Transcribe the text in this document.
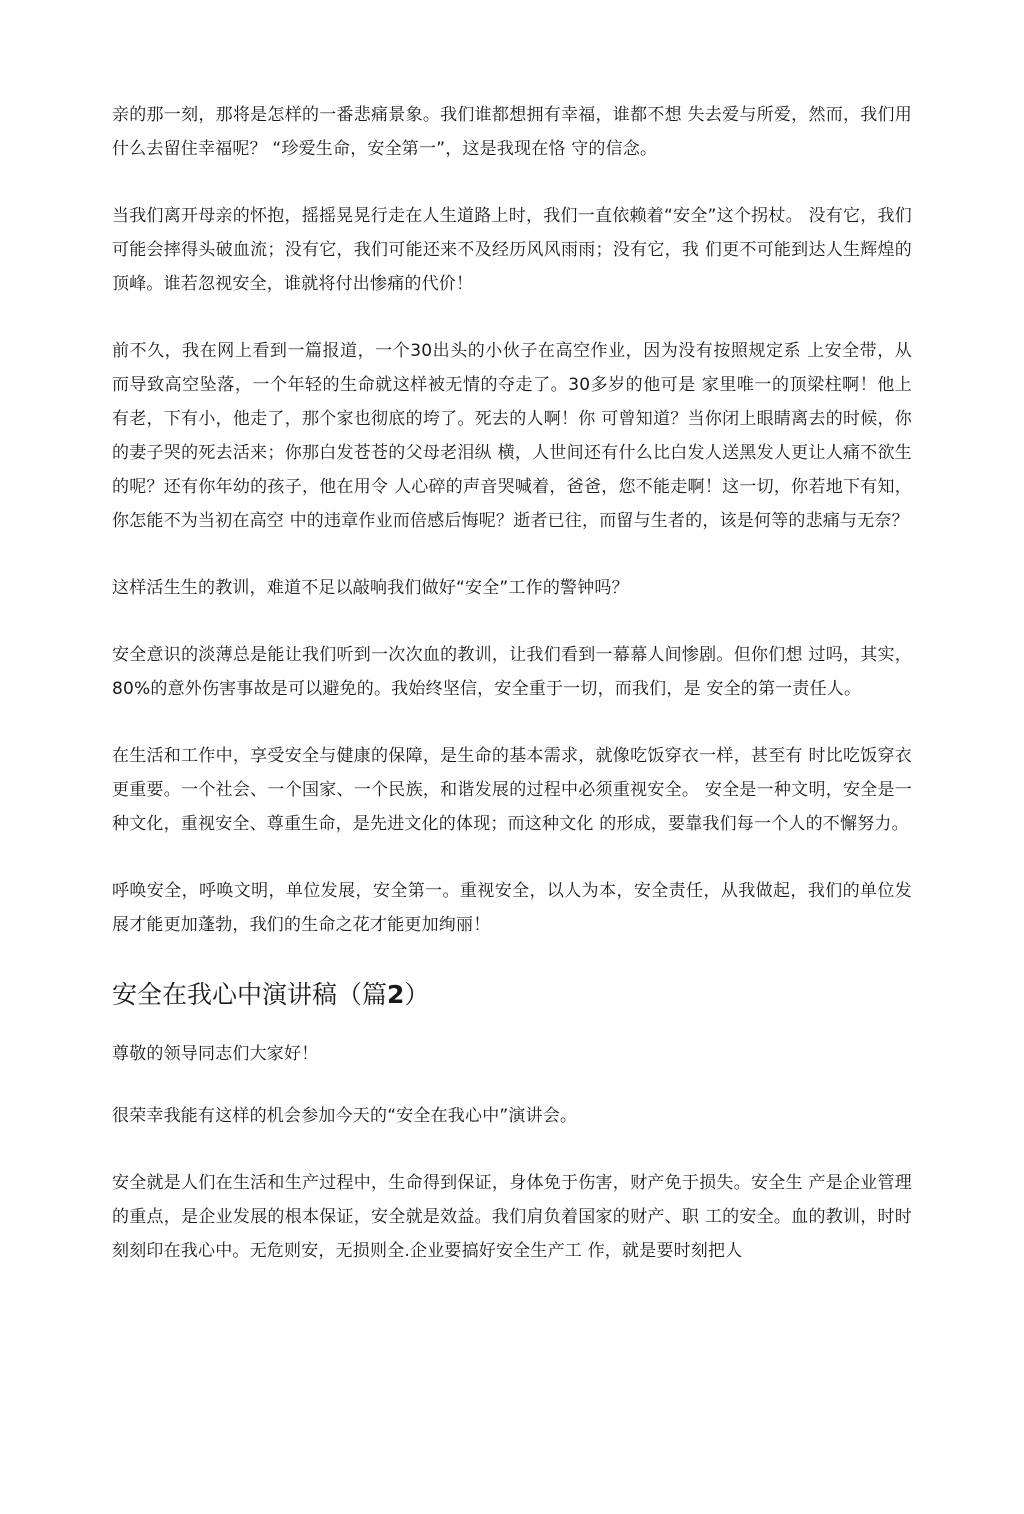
亲的那一刻，那将是怎样的一番悲痛景象。我们谁都想拥有幸福，谁都不想 失去爱与所爱，然而，我们用什么去留住幸福呢？ “珍爱生命，安全第一”，这是我现在恪 守的信念。

当我们离开母亲的怀抱，摇摇晃晃行走在人生道路上时，我们一直依赖着“安全”这个拐杖。 没有它，我们可能会摔得头破血流；没有它，我们可能还来不及经历风风雨雨；没有它，我 们更不可能到达人生辉煌的顶峰。谁若忽视安全，谁就将付出惨痛的代价！

前不久，我在网上看到一篇报道，一个30出头的小伙子在高空作业，因为没有按照规定系 上安全带，从而导致高空坠落，一个年轻的生命就这样被无情的夺走了。30多岁的他可是 家里唯一的顶梁柱啊！他上有老，下有小，他走了，那个家也彻底的垮了。死去的人啊！你 可曾知道？当你闭上眼睛离去的时候，你的妻子哭的死去活来；你那白发苍苍的父母老泪纵 横，人世间还有什么比白发人送黑发人更让人痛不欲生的呢？还有你年幼的孩子，他在用令 人心碎的声音哭喊着，爸爸，您不能走啊！这一切，你若地下有知，你怎能不为当初在高空 中的违章作业而倍感后悔呢？逝者已往，而留与生者的，该是何等的悲痛与无奈？

这样活生生的教训，难道不足以敲响我们做好“安全”工作的警钟吗？

安全意识的淡薄总是能让我们听到一次次血的教训，让我们看到一幕幕人间惨剧。但你们想 过吗，其实，80%的意外伤害事故是可以避免的。我始终坚信，安全重于一切，而我们，是 安全的第一责任人。

在生活和工作中，享受安全与健康的保障，是生命的基本需求，就像吃饭穿衣一样，甚至有 时比吃饭穿衣更重要。一个社会、一个国家、一个民族，和谐发展的过程中必须重视安全。 安全是一种文明，安全是一种文化，重视安全、尊重生命，是先进文化的体现；而这种文化 的形成，要靠我们每一个人的不懈努力。

呼唤安全，呼唤文明，单位发展，安全第一。重视安全，以人为本，安全责任，从我做起，我们的单位发展才能更加蓬勃，我们的生命之花才能更加绚丽！

安全在我心中演讲稿（篇2）

尊敬的领导同志们大家好！

很荣幸我能有这样的机会参加今天的“安全在我心中”演讲会。

安全就是人们在生活和生产过程中，生命得到保证，身体免于伤害，财产免于损失。安全生 产是企业管理的重点，是企业发展的根本保证，安全就是效益。我们肩负着国家的财产、职 工的安全。血的教训，时时刻刻印在我心中。无危则安，无损则全.企业要搞好安全生产工 作，就是要时刻把人
